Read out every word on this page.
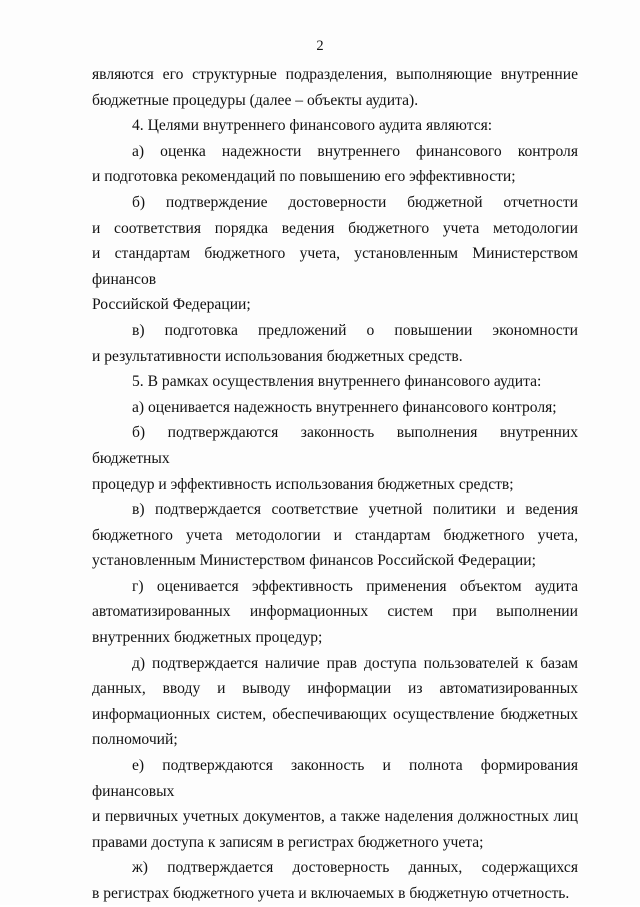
2
являются его структурные подразделения, выполняющие внутренние
бюджетные процедуры (далее – объекты аудита).
4. Целями внутреннего финансового аудита являются:
а) оценка надежности внутреннего финансового контроля
и подготовка рекомендаций по повышению его эффективности;
б) подтверждение достоверности бюджетной отчетности
и соответствия порядка ведения бюджетного учета методологии
и стандартам бюджетного учета, установленным Министерством финансов
Российской Федерации;
в) подготовка предложений о повышении экономности
и результативности использования бюджетных средств.
5. В рамках осуществления внутреннего финансового аудита:
а) оценивается надежность внутреннего финансового контроля;
б) подтверждаются законность выполнения внутренних бюджетных
процедур и эффективность использования бюджетных средств;
в) подтверждается соответствие учетной политики и ведения
бюджетного учета методологии и стандартам бюджетного учета,
установленным Министерством финансов Российской Федерации;
г) оценивается эффективность применения объектом аудита
автоматизированных информационных систем при выполнении
внутренних бюджетных процедур;
д) подтверждается наличие прав доступа пользователей к базам
данных, вводу и выводу информации из автоматизированных
информационных систем, обеспечивающих осуществление бюджетных
полномочий;
е) подтверждаются законность и полнота формирования финансовых
и первичных учетных документов, а также наделения должностных лиц
правами доступа к записям в регистрах бюджетного учета;
ж) подтверждается достоверность данных, содержащихся
в регистрах бюджетного учета и включаемых в бюджетную отчетность.
